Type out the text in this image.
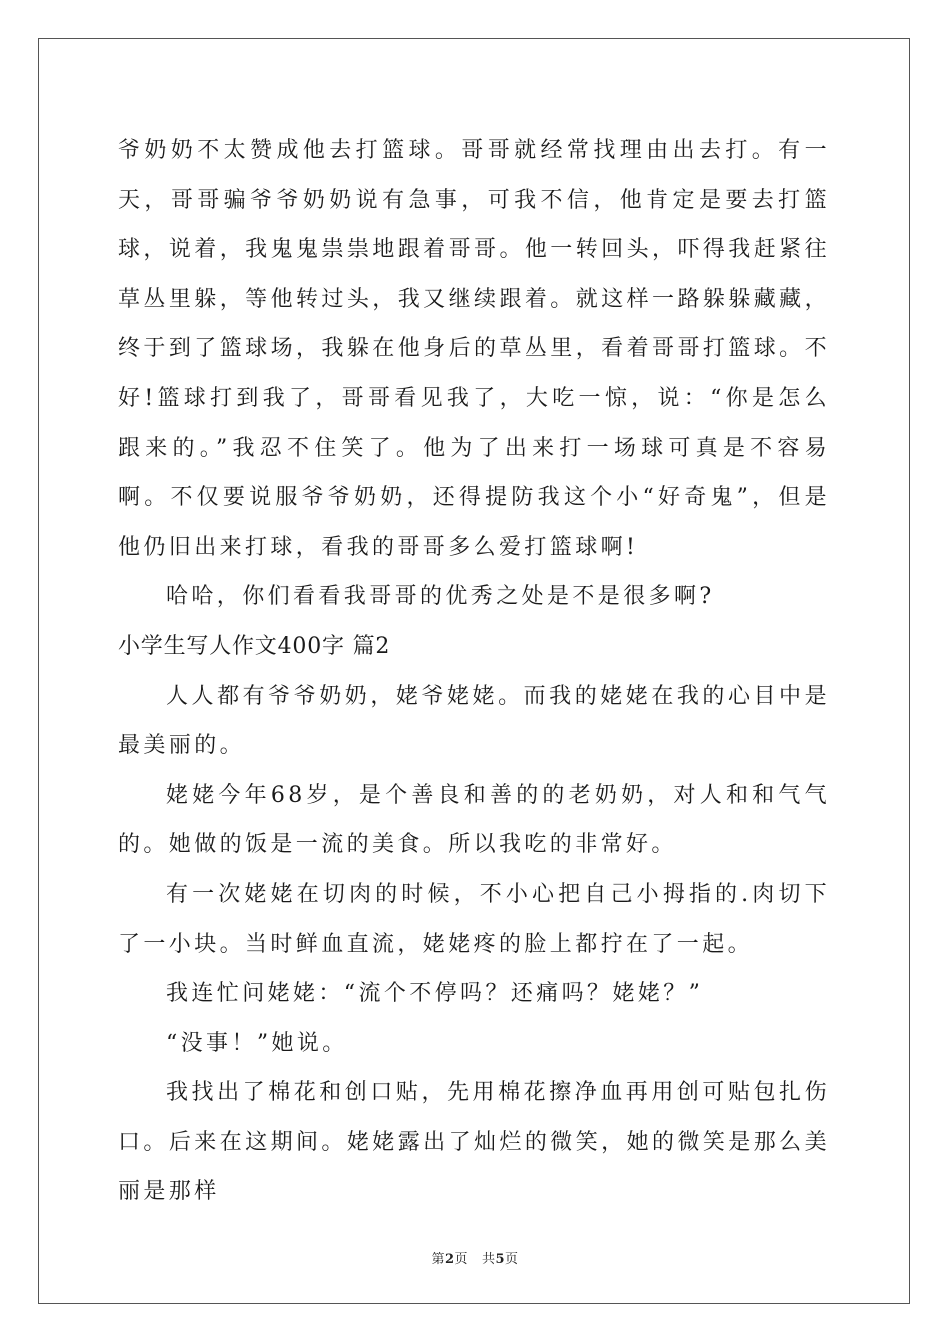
爷奶奶不太赞成他去打篮球。哥哥就经常找理由出去打。有一天，哥哥骗爷爷奶奶说有急事，可我不信，他肯定是要去打篮球，说着，我鬼鬼祟祟地跟着哥哥。他一转回头，吓得我赶紧往草丛里躲，等他转过头，我又继续跟着。就这样一路躲躲藏藏，终于到了篮球场，我躲在他身后的草丛里，看着哥哥打篮球。不好!篮球打到我了，哥哥看见我了，大吃一惊，说：“你是怎么跟来的。”我忍不住笑了。他为了出来打一场球可真是不容易啊。不仅要说服爷爷奶奶，还得提防我这个小“好奇鬼”，但是他仍旧出来打球，看我的哥哥多么爱打篮球啊!

哈哈，你们看看我哥哥的优秀之处是不是很多啊?

小学生写人作文400字 篇2

人人都有爷爷奶奶，姥爷姥姥。而我的姥姥在我的心目中是最美丽的。

姥姥今年68岁，是个善良和善的的老奶奶，对人和和气气的。她做的饭是一流的美食。所以我吃的非常好。

有一次姥姥在切肉的时候，不小心把自己小拇指的.肉切下了一小块。当时鲜血直流，姥姥疼的脸上都拧在了一起。

我连忙问姥姥：“流个不停吗？还痛吗？姥姥？”

“没事！”她说。

我找出了棉花和创口贴，先用棉花擦净血再用创可贴包扎伤口。后来在这期间。姥姥露出了灿烂的微笑，她的微笑是那么美丽是那样

第2页 共5页
